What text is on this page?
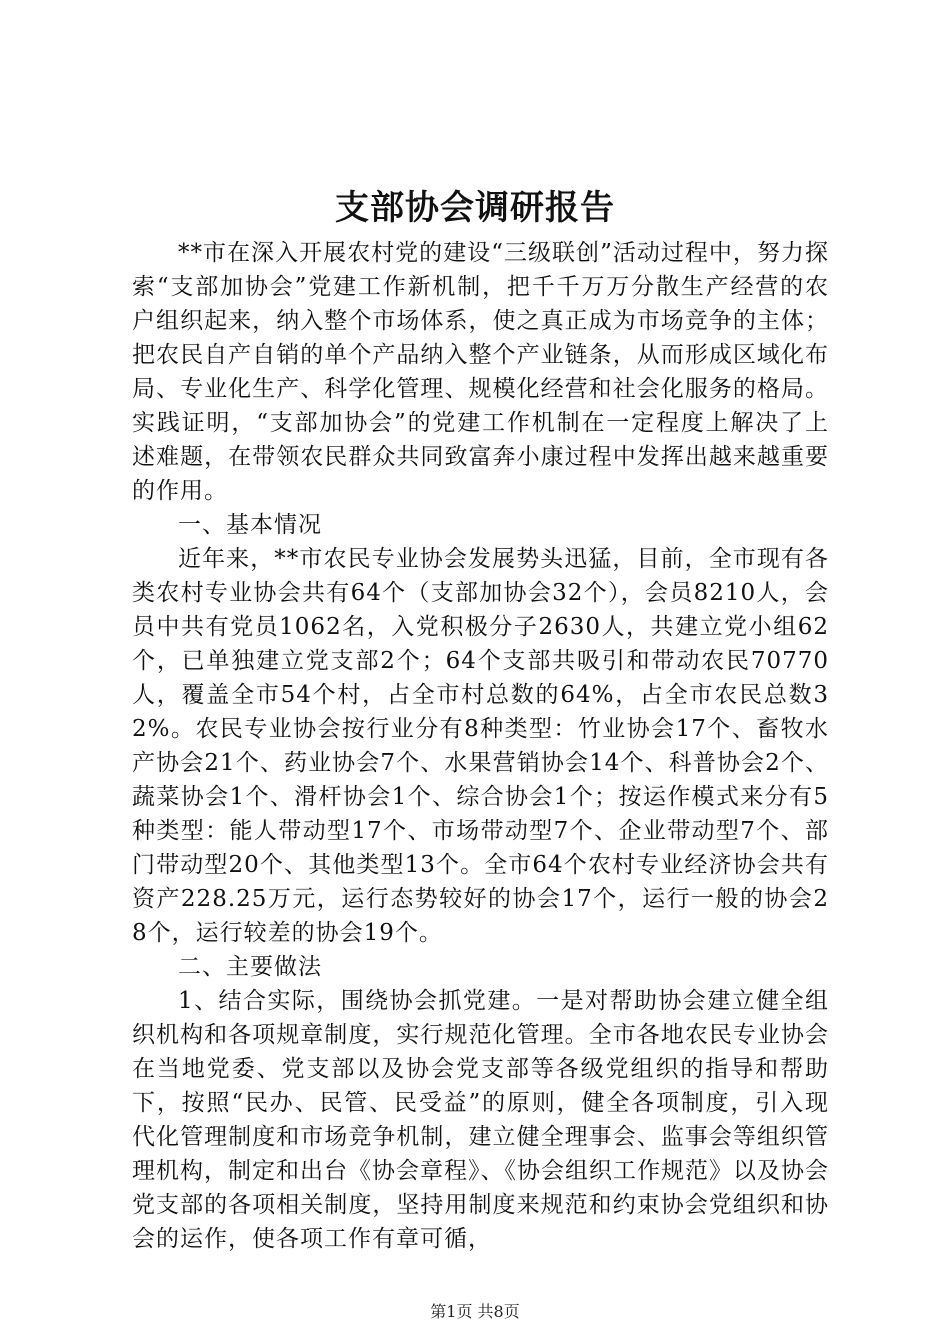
支部协会调研报告

**市在深入开展农村党的建设“三级联创”活动过程中，努力探索“支部加协会”党建工作新机制，把千千万万分散生产经营的农户组织起来，纳入整个市场体系，使之真正成为市场竞争的主体；把农民自产自销的单个产品纳入整个产业链条，从而形成区域化布局、专业化生产、科学化管理、规模化经营和社会化服务的格局。实践证明，“支部加协会”的党建工作机制在一定程度上解决了上述难题，在带领农民群众共同致富奔小康过程中发挥出越来越重要的作用。

一、基本情况

近年来，**市农民专业协会发展势头迅猛，目前，全市现有各类农村专业协会共有64个（支部加协会32个），会员8210人，会员中共有党员1062名，入党积极分子2630人，共建立党小组62个，已单独建立党支部2个；64个支部共吸引和带动农民70770人，覆盖全市54个村，占全市村总数的64%，占全市农民总数32%。农民专业协会按行业分有8种类型：竹业协会17个、畜牧水产协会21个、药业协会7个、水果营销协会14个、科普协会2个、蔬菜协会1个、滑杆协会1个、综合协会1个；按运作模式来分有5种类型：能人带动型17个、市场带动型7个、企业带动型7个、部门带动型20个、其他类型13个。全市64个农村专业经济协会共有资产228.25万元，运行态势较好的协会17个，运行一般的协会28个，运行较差的协会19个。

二、主要做法

1、结合实际，围绕协会抓党建。一是对帮助协会建立健全组织机构和各项规章制度，实行规范化管理。全市各地农民专业协会在当地党委、党支部以及协会党支部等各级党组织的指导和帮助下，按照“民办、民管、民受益”的原则，健全各项制度，引入现代化管理制度和市场竞争机制，建立健全理事会、监事会等组织管理机构，制定和出台《协会章程》、《协会组织工作规范》以及协会党支部的各项相关制度，坚持用制度来规范和约束协会党组织和协会的运作，使各项工作有章可循，

第1页 共8页
